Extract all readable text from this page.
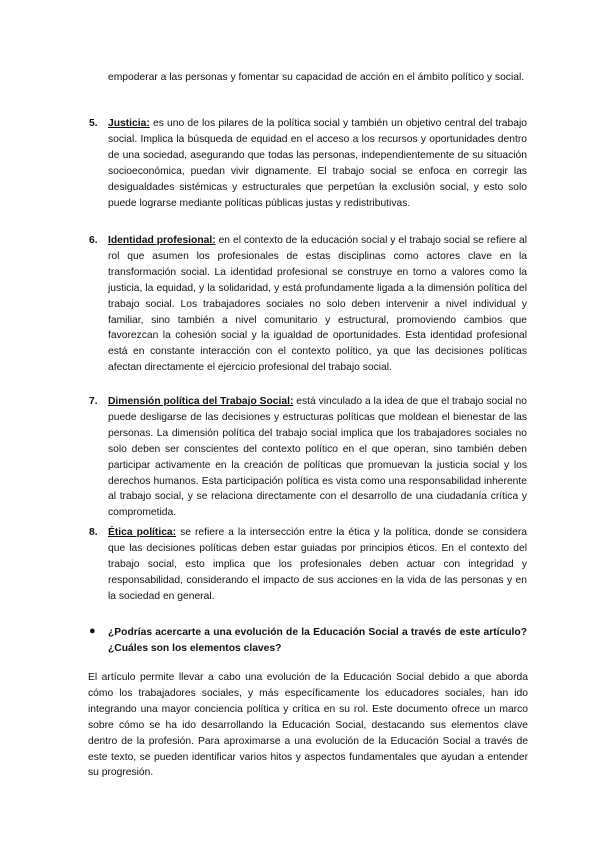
empoderar a las personas y fomentar su capacidad de acción en el ámbito político y social.
5. Justicia: es uno de los pilares de la política social y también un objetivo central del trabajo social. Implica la búsqueda de equidad en el acceso a los recursos y oportunidades dentro de una sociedad, asegurando que todas las personas, independientemente de su situación socioeconómica, puedan vivir dignamente. El trabajo social se enfoca en corregir las desigualdades sistémicas y estructurales que perpetúan la exclusión social, y esto solo puede lograrse mediante políticas públicas justas y redistributivas.
6. Identidad profesional: en el contexto de la educación social y el trabajo social se refiere al rol que asumen los profesionales de estas disciplinas como actores clave en la transformación social. La identidad profesional se construye en torno a valores como la justicia, la equidad, y la solidaridad, y está profundamente ligada a la dimensión política del trabajo social. Los trabajadores sociales no solo deben intervenir a nivel individual y familiar, sino también a nivel comunitario y estructural, promoviendo cambios que favorezcan la cohesión social y la igualdad de oportunidades. Esta identidad profesional está en constante interacción con el contexto político, ya que las decisiones políticas afectan directamente el ejercicio profesional del trabajo social.
7. Dimensión política del Trabajo Social: está vinculado a la idea de que el trabajo social no puede desligarse de las decisiones y estructuras políticas que moldean el bienestar de las personas. La dimensión política del trabajo social implica que los trabajadores sociales no solo deben ser conscientes del contexto político en el que operan, sino también deben participar activamente en la creación de políticas que promuevan la justicia social y los derechos humanos. Esta participación política es vista como una responsabilidad inherente al trabajo social, y se relaciona directamente con el desarrollo de una ciudadanía crítica y comprometida.
8. Ética política: se refiere a la intersección entre la ética y la política, donde se considera que las decisiones políticas deben estar guiadas por principios éticos. En el contexto del trabajo social, esto implica que los profesionales deben actuar con integridad y responsabilidad, considerando el impacto de sus acciones en la vida de las personas y en la sociedad en general.
● ¿Podrías acercarte a una evolución de la Educación Social a través de este artículo? ¿Cuáles son los elementos claves?
El artículo permite llevar a cabo una evolución de la Educación Social debido a que aborda cómo los trabajadores sociales, y más específicamente los educadores sociales, han ido integrando una mayor conciencia política y crítica en su rol. Este documento ofrece un marco sobre cómo se ha ido desarrollando la Educación Social, destacando sus elementos clave dentro de la profesión. Para aproximarse a una evolución de la Educación Social a través de este texto, se pueden identificar varios hitos y aspectos fundamentales que ayudan a entender su progresión.
